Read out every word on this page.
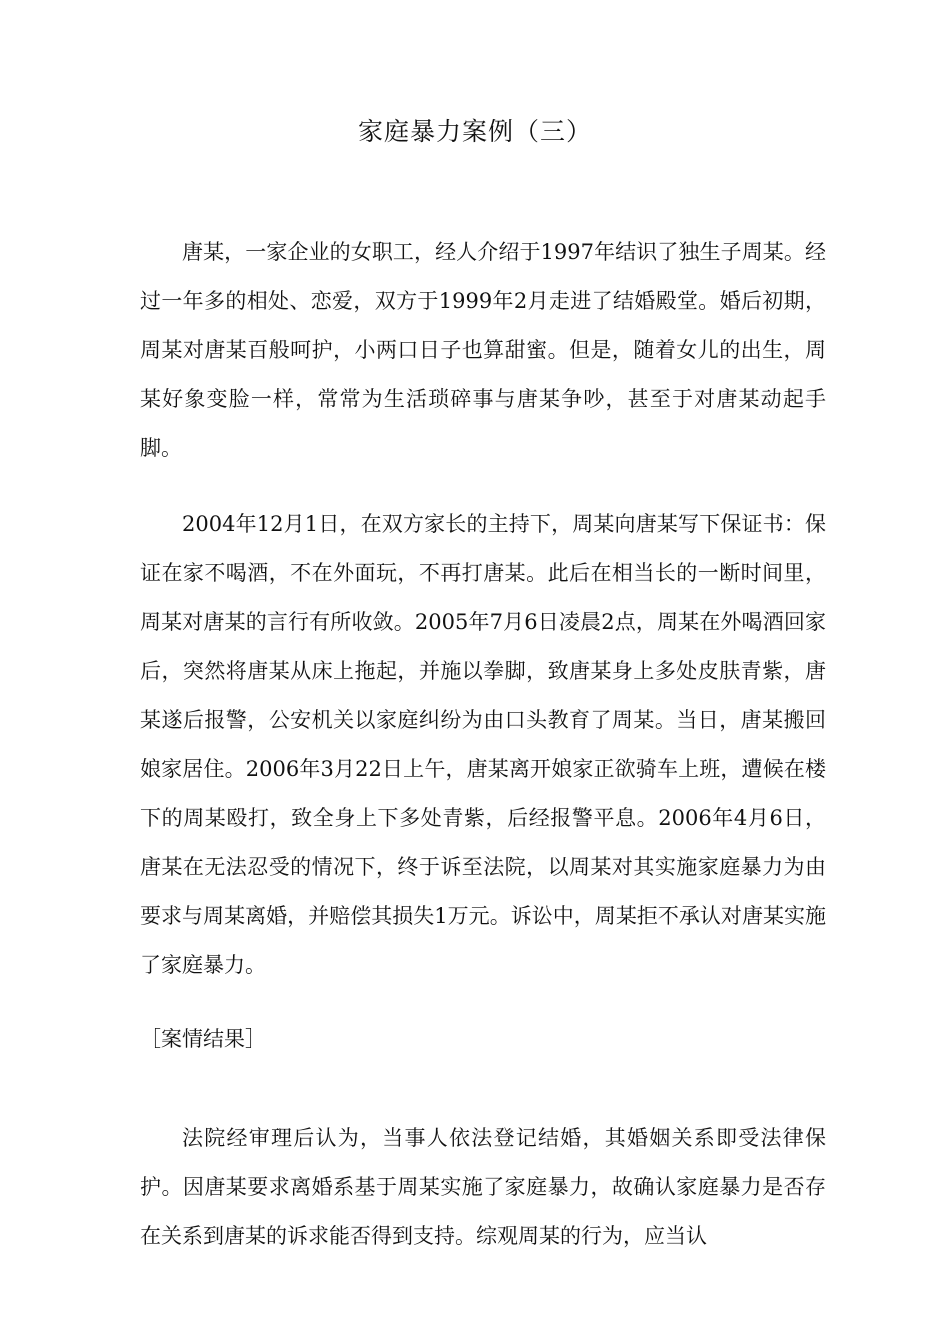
家庭暴力案例（三）

唐某，一家企业的女职工，经人介绍于1997年结识了独生子周某。经过一年多的相处、恋爱，双方于1999年2月走进了结婚殿堂。婚后初期，周某对唐某百般呵护，小两口日子也算甜蜜。但是，随着女儿的出生，周某好象变脸一样，常常为生活琐碎事与唐某争吵，甚至于对唐某动起手脚。

2004年12月1日，在双方家长的主持下，周某向唐某写下保证书：保证在家不喝酒，不在外面玩，不再打唐某。此后在相当长的一断时间里，周某对唐某的言行有所收敛。2005年7月6日凌晨2点，周某在外喝酒回家后，突然将唐某从床上拖起，并施以拳脚，致唐某身上多处皮肤青紫，唐某遂后报警，公安机关以家庭纠纷为由口头教育了周某。当日，唐某搬回娘家居住。2006年3月22日上午，唐某离开娘家正欲骑车上班，遭候在楼下的周某殴打，致全身上下多处青紫，后经报警平息。2006年4月6日，唐某在无法忍受的情况下，终于诉至法院，以周某对其实施家庭暴力为由要求与周某离婚，并赔偿其损失1万元。诉讼中，周某拒不承认对唐某实施了家庭暴力。

［案情结果］

法院经审理后认为，当事人依法登记结婚，其婚姻关系即受法律保护。因唐某要求离婚系基于周某实施了家庭暴力，故确认家庭暴力是否存在关系到唐某的诉求能否得到支持。综观周某的行为，应当认
